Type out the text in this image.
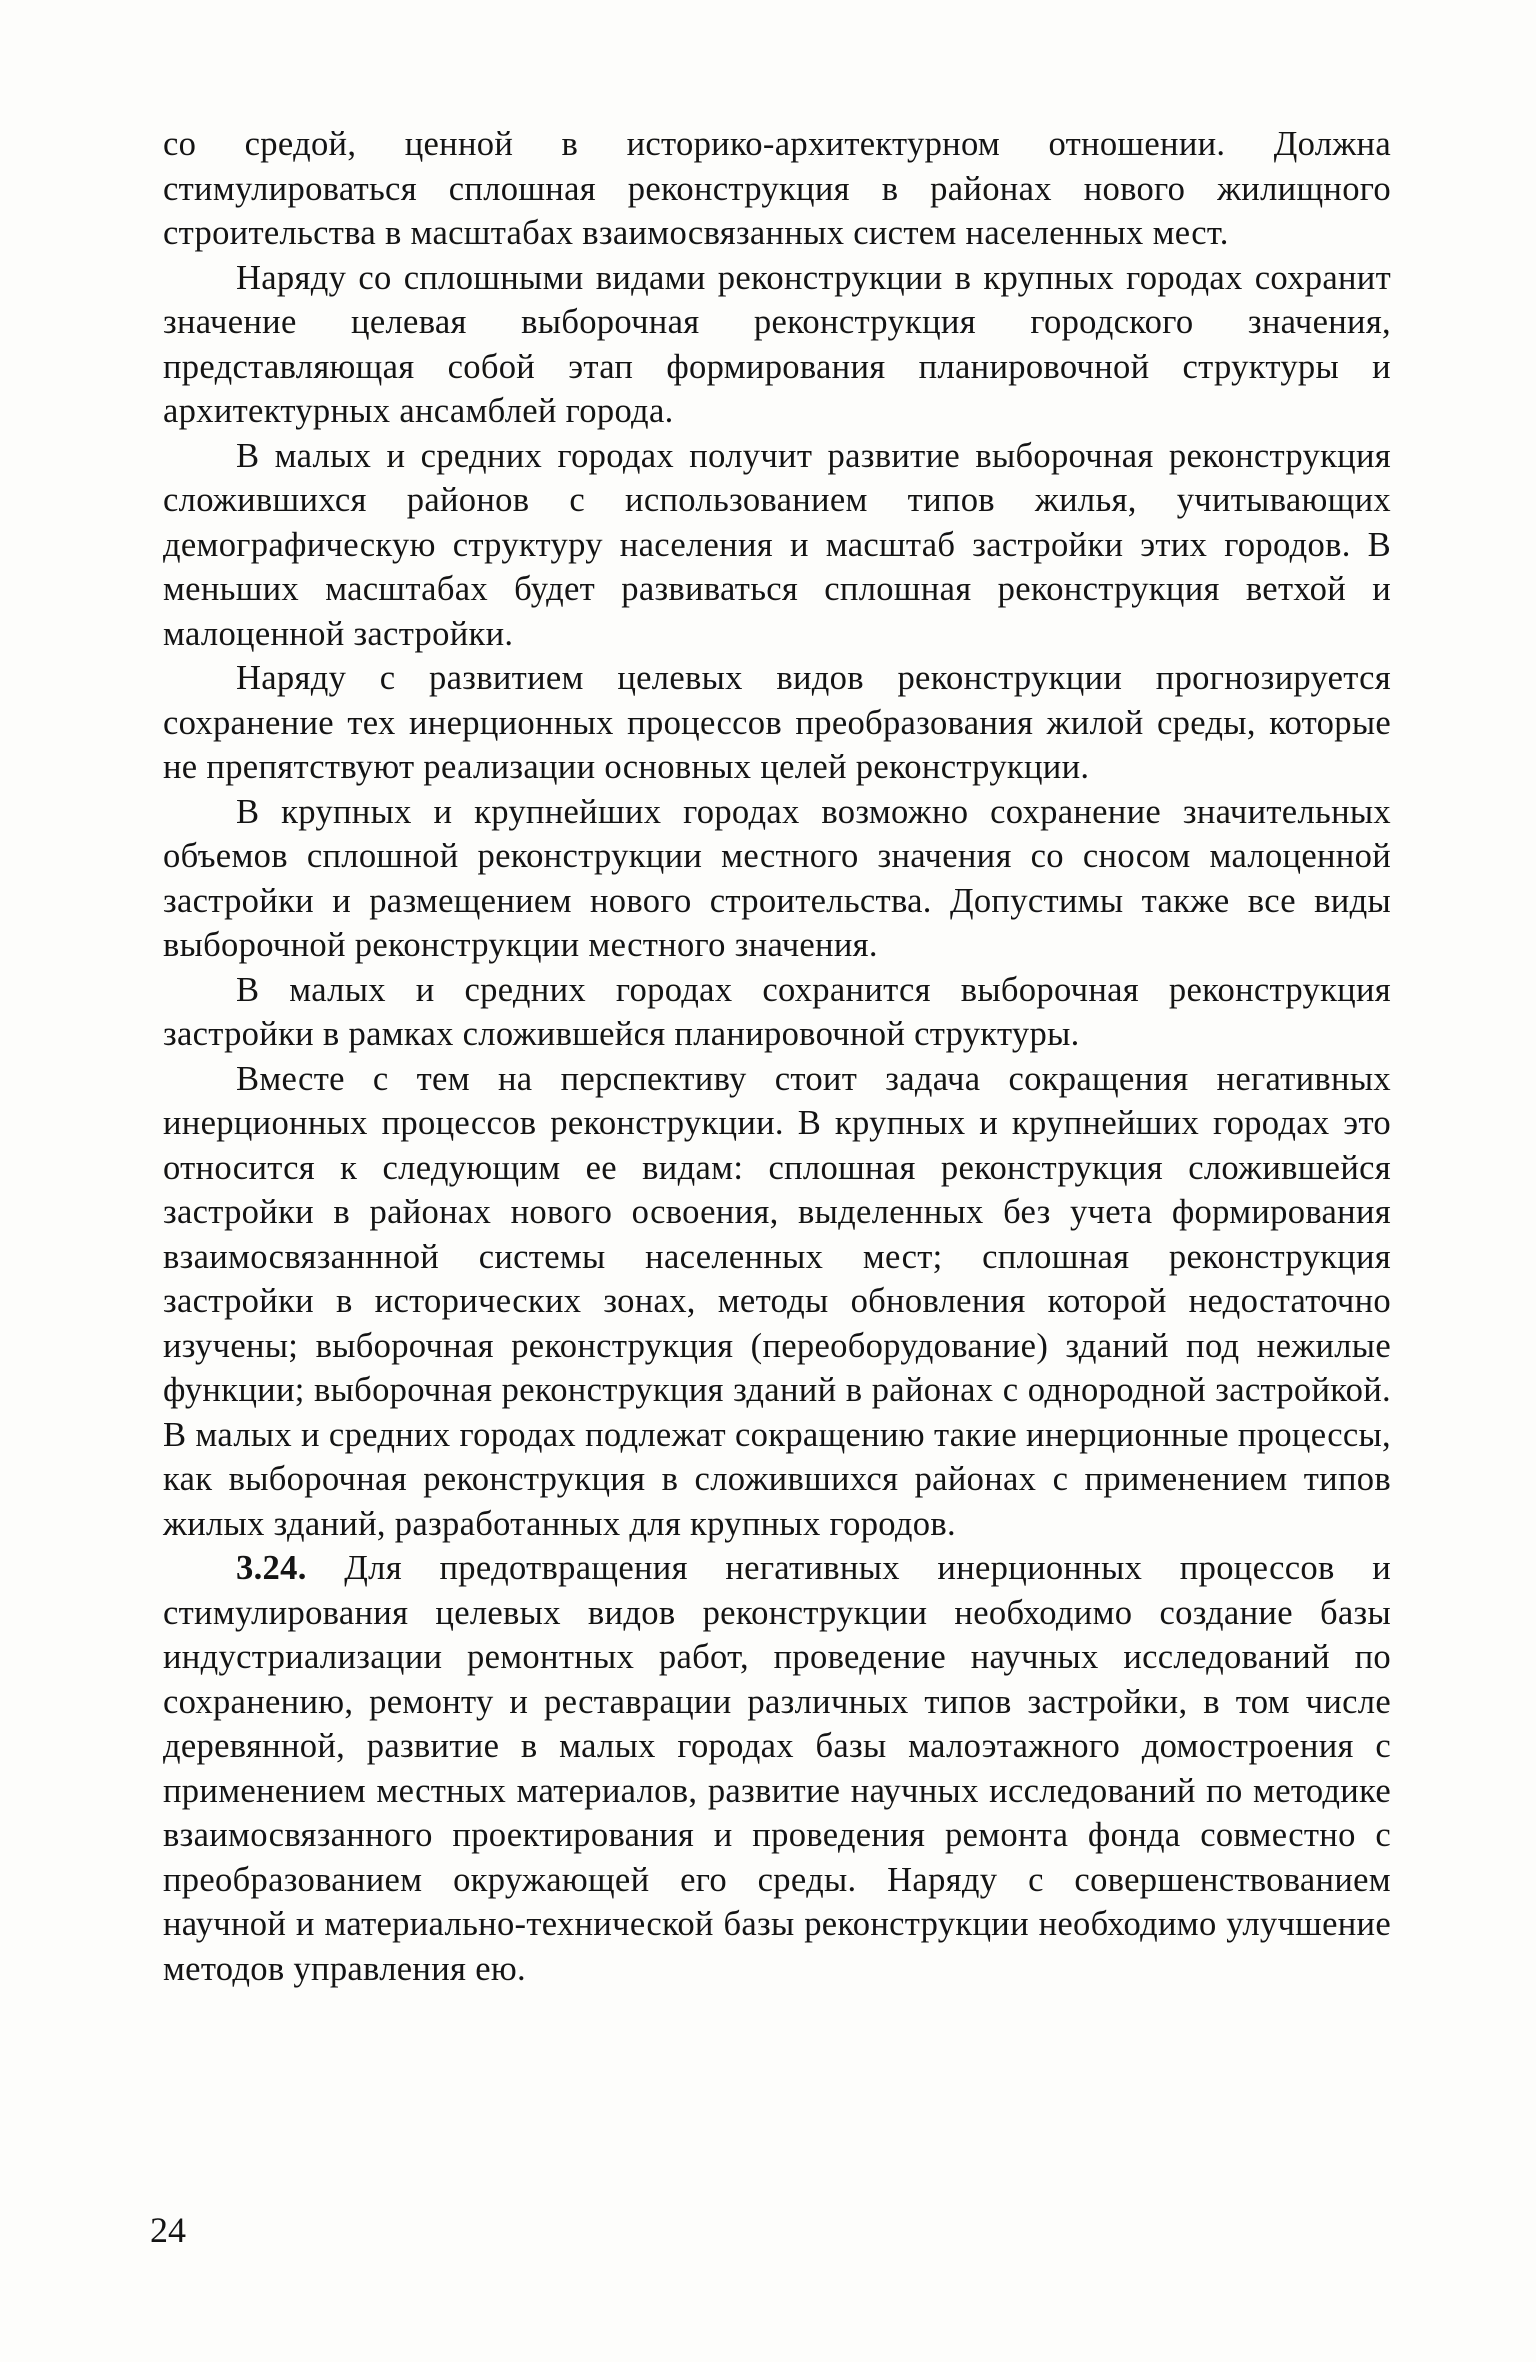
со средой, ценной в историко-архитектурном отношении. Должна стимулироваться сплошная реконструкция в районах нового жилищного строительства в масштабах взаимосвязанных систем населенных мест.

Наряду со сплошными видами реконструкции в крупных городах сохранит значение целевая выборочная реконструкция городского значения, представляющая собой этап формирования планировочной структуры и архитектурных ансамблей города.

В малых и средних городах получит развитие выборочная реконструкция сложившихся районов с использованием типов жилья, учитывающих демографическую структуру населения и масштаб застройки этих городов. В меньших масштабах будет развиваться сплошная реконструкция ветхой и малоценной застройки.

Наряду с развитием целевых видов реконструкции прогнозируется сохранение тех инерционных процессов преобразования жилой среды, которые не препятствуют реализации основных целей реконструкции.

В крупных и крупнейших городах возможно сохранение значительных объемов сплошной реконструкции местного значения со сносом малоценной застройки и размещением нового строительства. Допустимы также все виды выборочной реконструкции местного значения.

В малых и средних городах сохранится выборочная реконструкция застройки в рамках сложившейся планировочной структуры.

Вместе с тем на перспективу стоит задача сокращения негативных инерционных процессов реконструкции. В крупных и крупнейших городах это относится к следующим ее видам: сплошная реконструкция сложившейся застройки в районах нового освоения, выделенных без учета формирования взаимосвязаннной системы населенных мест; сплошная реконструкция застройки в исторических зонах, методы обновления которой недостаточно изучены; выборочная реконструкция (переоборудование) зданий под нежилые функции; выборочная реконструкция зданий в районах с однородной застройкой. В малых и средних городах подлежат сокращению такие инерционные процессы, как выборочная реконструкция в сложившихся районах с применением типов жилых зданий, разработанных для крупных городов.

3.24. Для предотвращения негативных инерционных процессов и стимулирования целевых видов реконструкции необходимо создание базы индустриализации ремонтных работ, проведение научных исследований по сохранению, ремонту и реставрации различных типов застройки, в том числе деревянной, развитие в малых городах базы малоэтажного домостроения с применением местных материалов, развитие научных исследований по методике взаимосвязанного проектирования и проведения ремонта фонда совместно с преобразованием окружающей его среды. Наряду с совершенствованием научной и материально-технической базы реконструкции необходимо улучшение методов управления ею.

24
